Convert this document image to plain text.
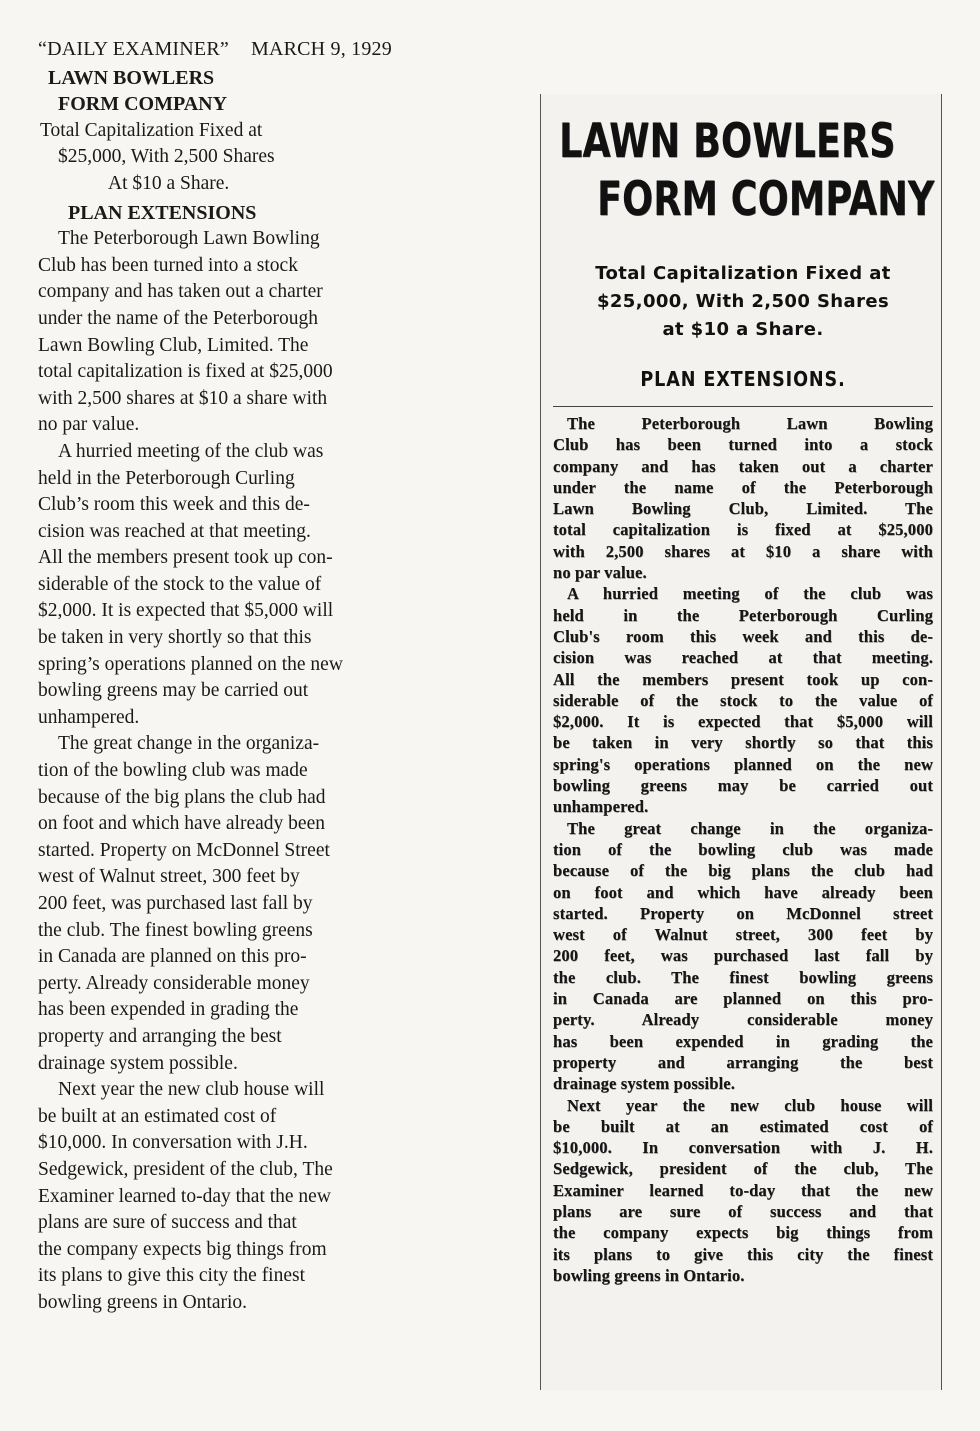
“DAILY EXAMINER” MARCH 9, 1929
LAWN BOWLERS
FORM COMPANY
Total Capitalization Fixed at
$25,000, With 2,500 Shares
At $10 a Share.
PLAN EXTENSIONS

The Peterborough Lawn Bowling

Club has been turned into a stock

company and has taken out a charter

under the name of the Peterborough

Lawn Bowling Club, Limited. The

total capitalization is fixed at $25,000

with 2,500 shares at $10 a share with

no par value.

A hurried meeting of the club was

held in the Peterborough Curling

Club’s room this week and this de-

cision was reached at that meeting.

All the members present took up con-

siderable of the stock to the value of

$2,000. It is expected that $5,000 will

be taken in very shortly so that this

spring’s operations planned on the new

bowling greens may be carried out

unhampered.

The great change in the organiza-

tion of the bowling club was made

because of the big plans the club had

on foot and which have already been

started. Property on McDonnel Street

west of Walnut street, 300 feet by

200 feet, was purchased last fall by

the club. The finest bowling greens

in Canada are planned on this pro-

perty. Already considerable money

has been expended in grading the

property and arranging the best

drainage system possible.

Next year the new club house will

be built at an estimated cost of

$10,000. In conversation with J.H.

Sedgewick, president of the club, The

Examiner learned to-day that the new

plans are sure of success and that

the company expects big things from

its plans to give this city the finest

bowling greens in Ontario.

LAWN BOWLERS
FORM COMPANY
Total Capitalization Fixed at
$25,000, With 2,500 Shares
at $10 a Share.
PLAN EXTENSIONS.

The Peterborough Lawn Bowling

Club has been turned into a stock

company and has taken out a charter

under the name of the Peterborough

Lawn Bowling Club, Limited. The

total capitalization is fixed at $25,000

with 2,500 shares at $10 a share with

no par value.

A hurried meeting of the club was

held in the Peterborough Curling

Club's room this week and this de-

cision was reached at that meeting.

All the members present took up con-

siderable of the stock to the value of

$2,000. It is expected that $5,000 will

be taken in very shortly so that this

spring's operations planned on the new

bowling greens may be carried out

unhampered.

The great change in the organiza-

tion of the bowling club was made

because of the big plans the club had

on foot and which have already been

started. Property on McDonnel street

west of Walnut street, 300 feet by

200 feet, was purchased last fall by

the club. The finest bowling greens

in Canada are planned on this pro-

perty. Already considerable money

has been expended in grading the

property and arranging the best

drainage system possible.

Next year the new club house will

be built at an estimated cost of

$10,000. In conversation with J. H.

Sedgewick, president of the club, The

Examiner learned to-day that the new

plans are sure of success and that

the company expects big things from

its plans to give this city the finest

bowling greens in Ontario.
